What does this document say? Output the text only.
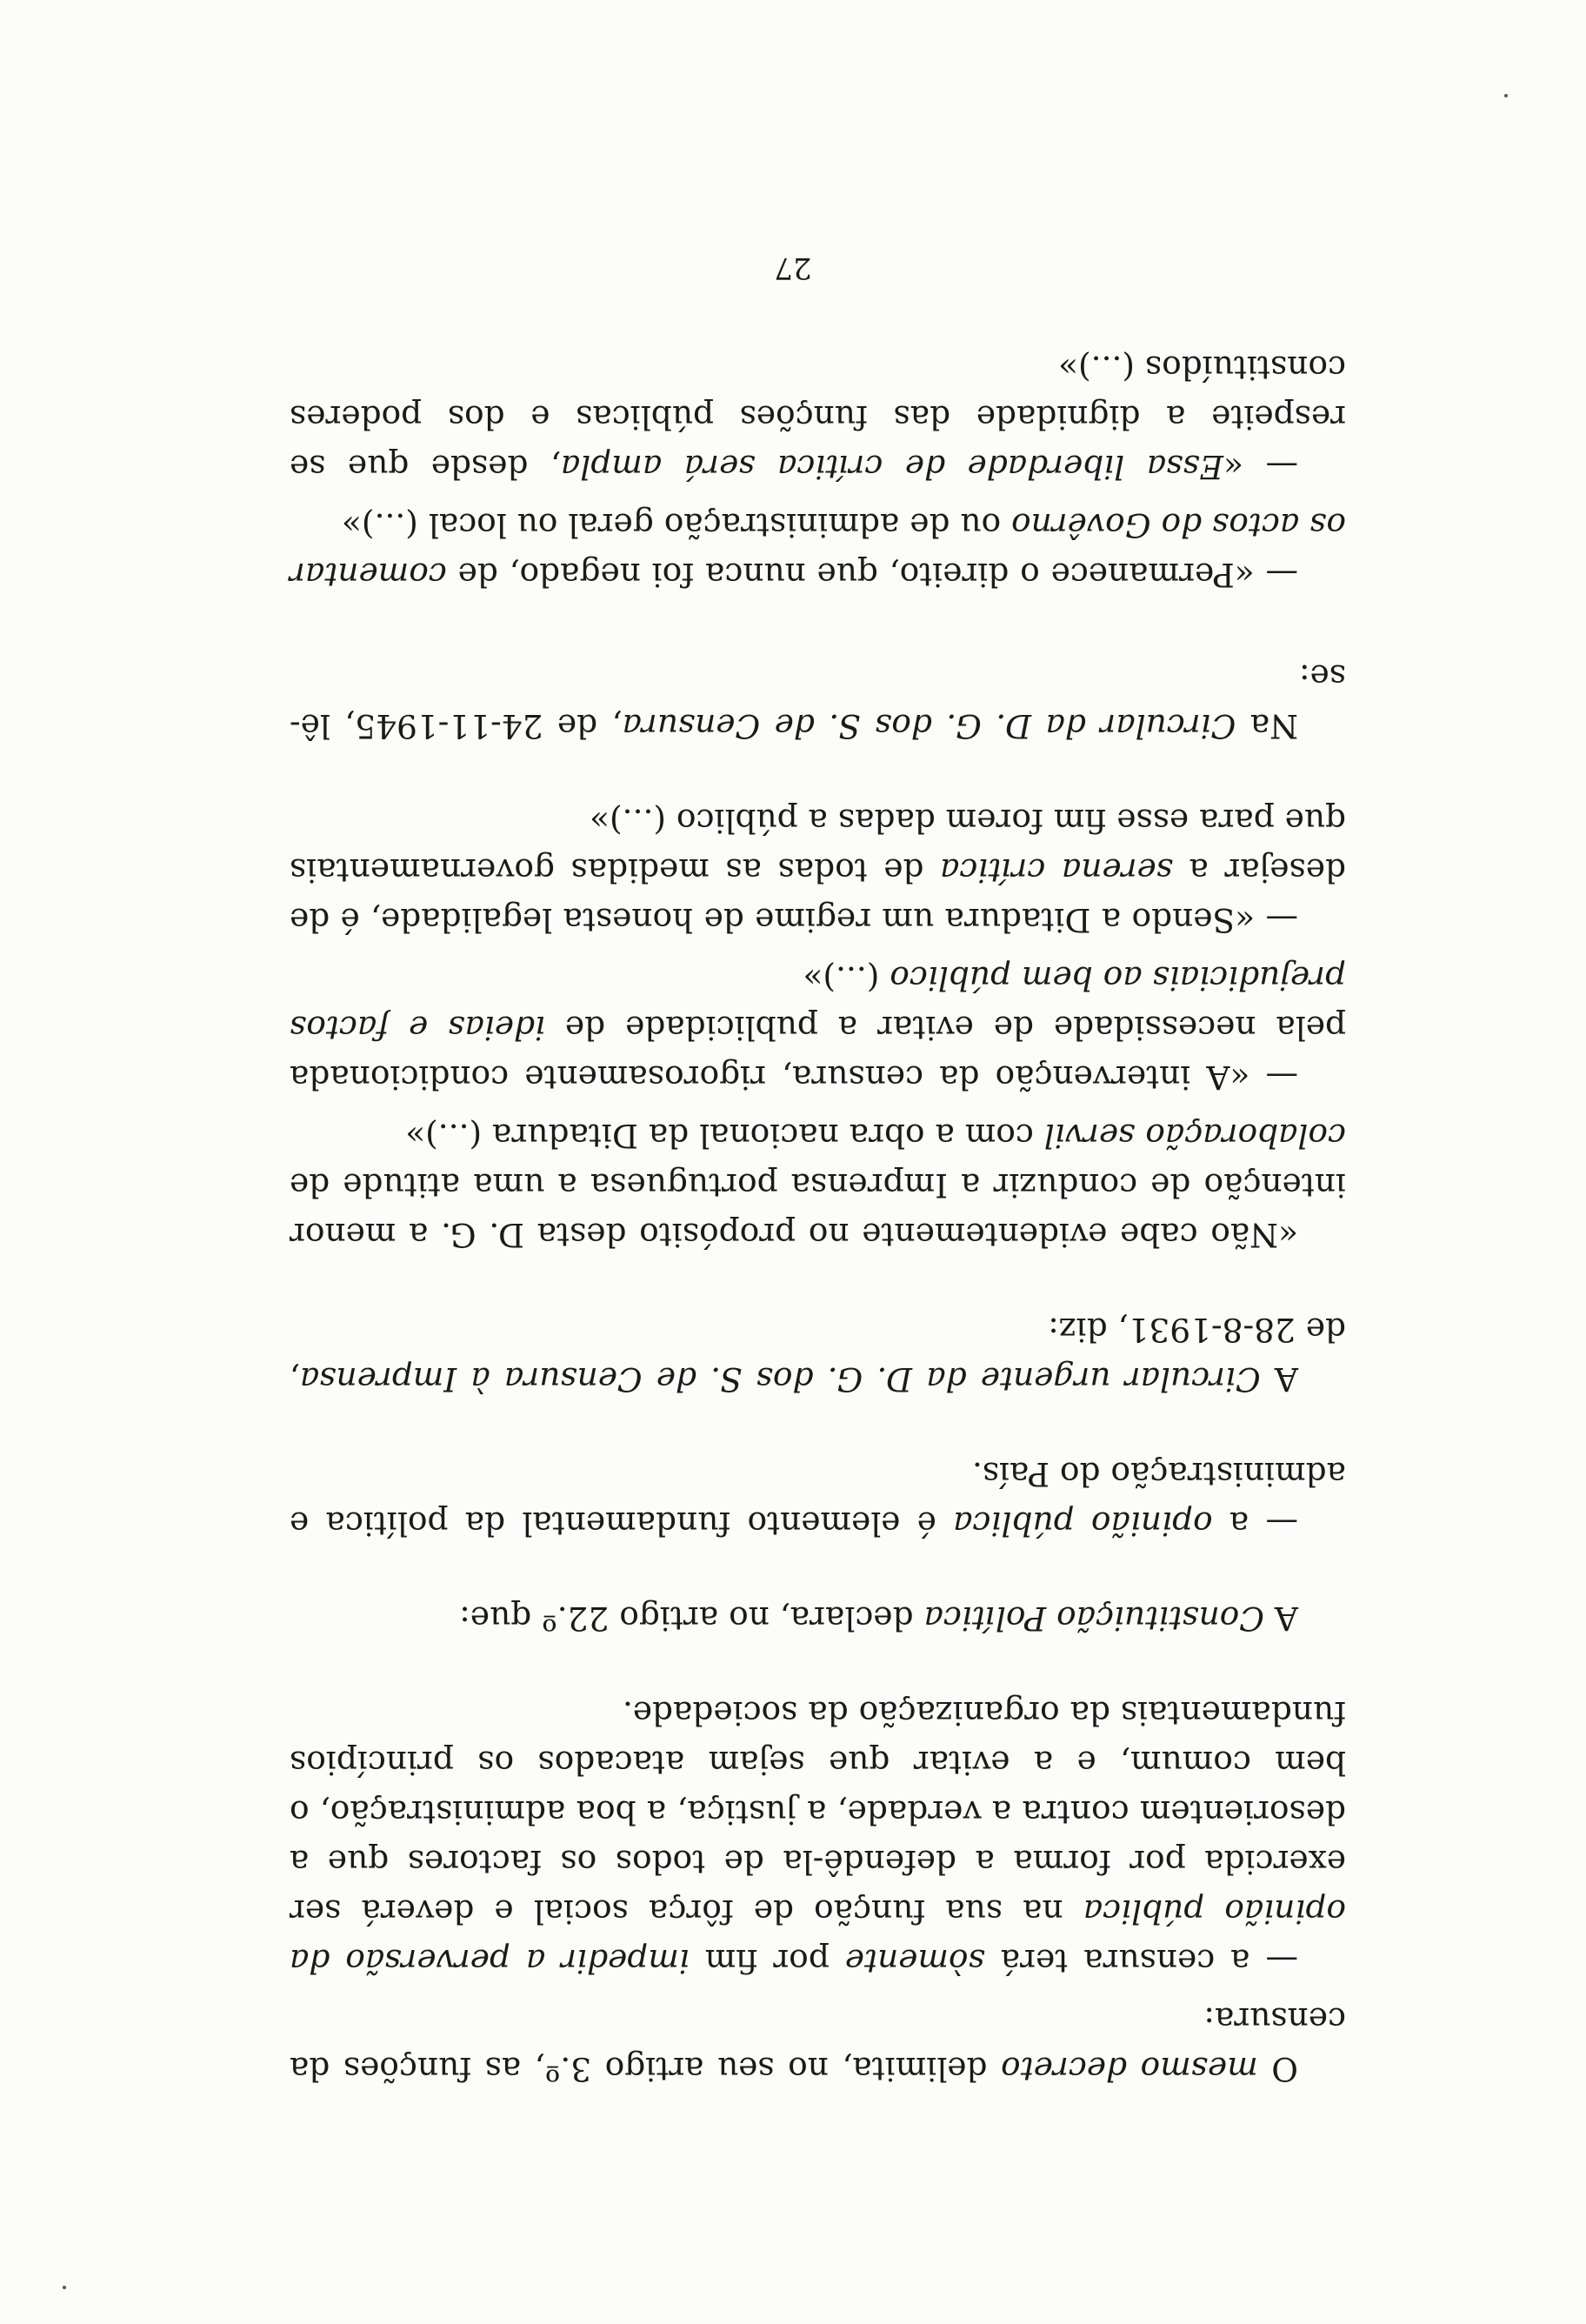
O mesmo decreto delimita, no seu artigo 3.º, as funções da censura:

— a censura terá sòmente por fim impedir a perversão da opinião pública na sua função de fôrça social e deverá ser exercida por forma a defendê-la de todos os factores que a desorientem contra a verdade, a justiça, a boa administração, o bem comum, e a evitar que sejam atacados os princípios fundamentais da organização da sociedade.

A Constituição Política declara, no artigo 22.º que:

— a opinião pública é elemento fundamental da política e administração do País.

A Circular urgente da D. G. dos S. de Censura à Imprensa, de 28-8-1931, diz:

«Não cabe evidentemente no propósito desta D. G. a menor intenção de conduzir a Imprensa portuguesa a uma atitude de colaboração servil com a obra nacional da Ditadura (...)»

— «A intervenção da censura, rigorosamente condicionada pela necessidade de evitar a publicidade de ideias e factos prejudiciais ao bem público (...)»

— «Sendo a Ditadura um regime de honesta legalidade, é de desejar a serena crítica de todas as medidas governamentais que para esse fim forem dadas a público (...)»

Na Circular da D. G. dos S. de Censura, de 24-11-1945, lê-se:

— «Permanece o direito, que nunca foi negado, de comentar os actos do Govêrno ou de administração geral ou local (...)»

— «Essa liberdade de crítica será ampla, desde que se respeite a dignidade das funções públicas e dos poderes constituídos (...)»

27
